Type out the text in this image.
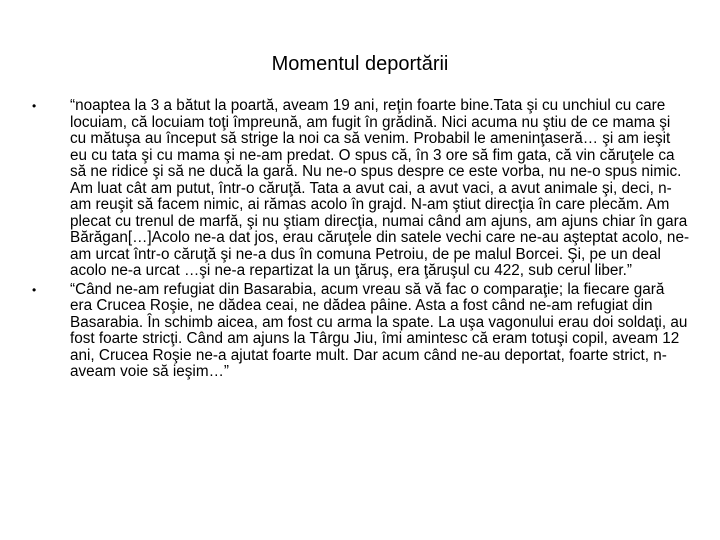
Momentul deportării
• “noaptea la 3 a bătut la poartă, aveam 19 ani, reţin foarte bine.Tata şi cu unchiul cu care locuiam, că locuiam toţi împreună, am fugit în grădină. Nici acuma nu ştiu de ce mama şi cu mătuşa au început să strige la noi ca să venim. Probabil le ameninţaseră… şi am ieşit eu cu tata şi cu mama şi ne-am predat. O spus că, în 3 ore să fim gata, că vin căruţele ca să ne ridice şi să ne ducă la gară. Nu ne-o spus despre ce este vorba, nu ne-o spus nimic. Am luat cât am putut, într-o căruţă. Tata a avut cai, a avut vaci, a avut animale şi, deci, n-am reuşit să facem nimic, ai rămas acolo în grajd. N-am ştiut direcţia în care plecăm. Am plecat cu trenul de marfă, şi nu ştiam direcţia, numai când am ajuns, am ajuns chiar în gara Bărăgan[…]Acolo ne-a dat jos, erau căruţele din satele vechi care ne-au aşteptat acolo, ne-am urcat într-o căruţă şi ne-a dus în comuna Petroiu, de pe malul Borcei. Şi, pe un deal acolo ne-a urcat …şi ne-a repartizat la un ţăruş, era ţăruşul cu 422, sub cerul liber.”
• “Când ne-am refugiat din Basarabia, acum vreau să vă fac o comparaţie; la fiecare gară era Crucea Roşie, ne dădea ceai, ne dădea pâine. Asta a fost când ne-am refugiat din Basarabia. În schimb aicea, am fost cu arma la spate. La uşa vagonului erau doi soldaţi, au fost foarte stricţi. Când am ajuns la Târgu Jiu, îmi amintesc că eram totuşi copil, aveam 12 ani, Crucea Roşie ne-a ajutat foarte mult. Dar acum când ne-au deportat, foarte strict, n-aveam voie să ieşim…”
